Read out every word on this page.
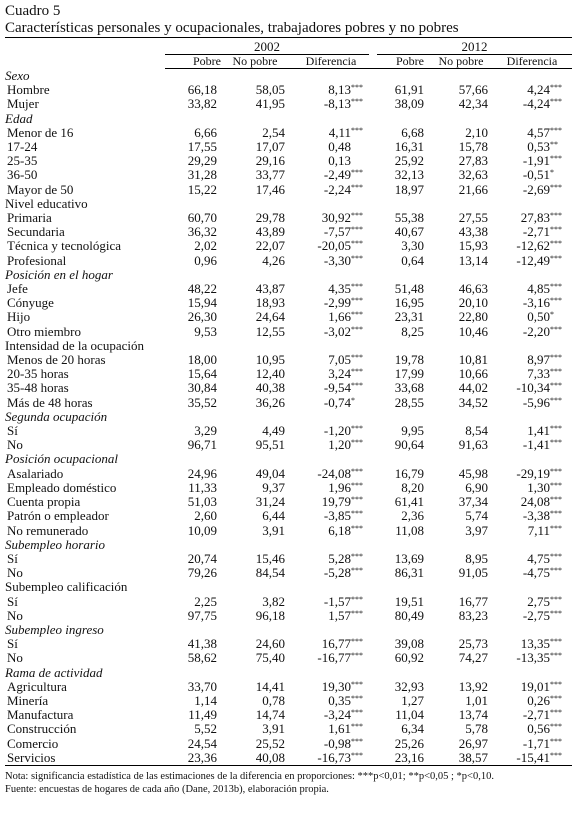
Cuadro 5
Características personales y ocupacionales, trabajadores pobres y no pobres

	2002			2012		
	Pobre	No pobre	Diferencia	Pobre	No pobre	Diferencia
Sexo						
Hombre	66,18	58,05	8,13***	61,91	57,66	4,24***
Mujer	33,82	41,95	-8,13***	38,09	42,34	-4,24***
Edad						
Menor de 16	6,66	2,54	4,11***	6,68	2,10	4,57***
17-24	17,55	17,07	0,48	16,31	15,78	0,53**
25-35	29,29	29,16	0,13	25,92	27,83	-1,91***
36-50	31,28	33,77	-2,49***	32,13	32,63	-0,51*
Mayor de 50	15,22	17,46	-2,24***	18,97	21,66	-2,69***
Nivel educativo						
Primaria	60,70	29,78	30,92***	55,38	27,55	27,83***
Secundaria	36,32	43,89	-7,57***	40,67	43,38	-2,71***
Técnica y tecnológica	2,02	22,07	-20,05***	3,30	15,93	-12,62***
Profesional	0,96	4,26	-3,30***	0,64	13,14	-12,49***
Posición en el hogar						
Jefe	48,22	43,87	4,35***	51,48	46,63	4,85***
Cónyuge	15,94	18,93	-2,99***	16,95	20,10	-3,16***
Hijo	26,30	24,64	1,66***	23,31	22,80	0,50*
Otro miembro	9,53	12,55	-3,02***	8,25	10,46	-2,20***
Intensidad de la ocupación						
Menos de 20 horas	18,00	10,95	7,05***	19,78	10,81	8,97***
20-35 horas	15,64	12,40	3,24***	17,99	10,66	7,33***
35-48 horas	30,84	40,38	-9,54***	33,68	44,02	-10,34***
Más de 48 horas	35,52	36,26	-0,74*	28,55	34,52	-5,96***
Segunda ocupación						
Sí	3,29	4,49	-1,20***	9,95	8,54	1,41***
No	96,71	95,51	1,20***	90,64	91,63	-1,41***
Posición ocupacional						
Asalariado	24,96	49,04	-24,08***	16,79	45,98	-29,19***
Empleado doméstico	11,33	9,37	1,96***	8,20	6,90	1,30***
Cuenta propia	51,03	31,24	19,79***	61,41	37,34	24,08***
Patrón o empleador	2,60	6,44	-3,85***	2,36	5,74	-3,38***
No remunerado	10,09	3,91	6,18***	11,08	3,97	7,11***
Subempleo horario						
Sí	20,74	15,46	5,28***	13,69	8,95	4,75***
No	79,26	84,54	-5,28***	86,31	91,05	-4,75***
Subempleo calificación						
Sí	2,25	3,82	-1,57***	19,51	16,77	2,75***
No	97,75	96,18	1,57***	80,49	83,23	-2,75***
Subempleo ingreso						
Sí	41,38	24,60	16,77***	39,08	25,73	13,35***
No	58,62	75,40	-16,77***	60,92	74,27	-13,35***
Rama de actividad						
Agricultura	33,70	14,41	19,30***	32,93	13,92	19,01***
Minería	1,14	0,78	0,35***	1,27	1,01	0,26***
Manufactura	11,49	14,74	-3,24***	11,04	13,74	-2,71***
Construcción	5,52	3,91	1,61***	6,34	5,78	0,56***
Comercio	24,54	25,52	-0,98***	25,26	26,97	-1,71***
Servicios	23,36	40,08	-16,73***	23,16	38,57	-15,41***

Nota: significancia estadística de las estimaciones de la diferencia en proporciones: ***p<0,01; **p<0,05 ; *p<0,10.
Fuente: encuestas de hogares de cada año (Dane, 2013b), elaboración propia.
